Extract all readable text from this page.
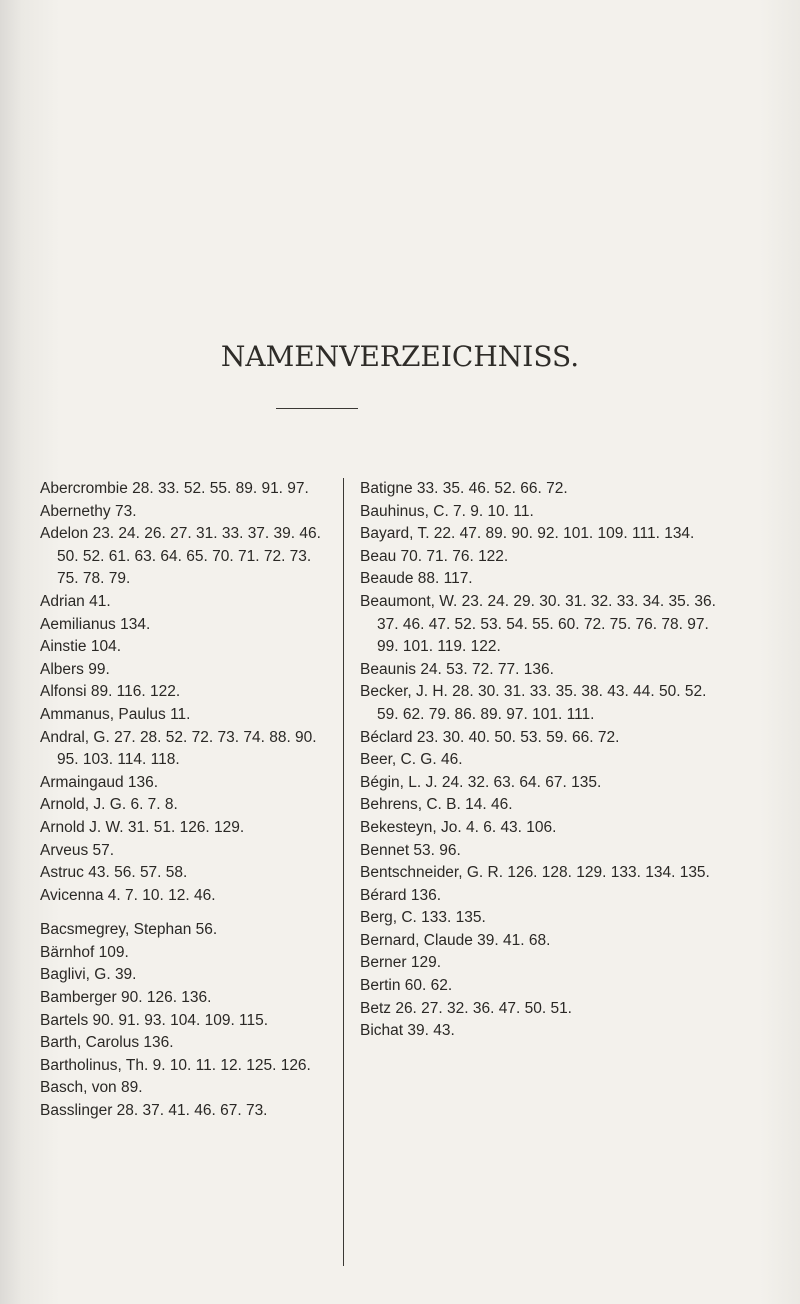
NAMENVERZEICHNISS.
Abercrombie 28. 33. 52. 55. 89. 91. 97.
Abernethy 73.
Adelon 23. 24. 26. 27. 31. 33. 37. 39. 46. 50. 52. 61. 63. 64. 65. 70. 71. 72. 73. 75. 78. 79.
Adrian 41.
Aemilianus 134.
Ainstie 104.
Albers 99.
Alfonsi 89. 116. 122.
Ammanus, Paulus 11.
Andral, G. 27. 28. 52. 72. 73. 74. 88. 90. 95. 103. 114. 118.
Armaingaud 136.
Arnold, J. G. 6. 7. 8.
Arnold J. W. 31. 51. 126. 129.
Arveus 57.
Astruc 43. 56. 57. 58.
Avicenna 4. 7. 10. 12. 46.
Bacsmegrey, Stephan 56.
Bärnhof 109.
Baglivi, G. 39.
Bamberger 90. 126. 136.
Bartels 90. 91. 93. 104. 109. 115.
Barth, Carolus 136.
Bartholinus, Th. 9. 10. 11. 12. 125. 126.
Basch, von 89.
Basslinger 28. 37. 41. 46. 67. 73.
Batigne 33. 35. 46. 52. 66. 72.
Bauhinus, C. 7. 9. 10. 11.
Bayard, T. 22. 47. 89. 90. 92. 101. 109. 111. 134.
Beau 70. 71. 76. 122.
Beaude 88. 117.
Beaumont, W. 23. 24. 29. 30. 31. 32. 33. 34. 35. 36. 37. 46. 47. 52. 53. 54. 55. 60. 72. 75. 76. 78. 97. 99. 101. 119. 122.
Beaunis 24. 53. 72. 77. 136.
Becker, J. H. 28. 30. 31. 33. 35. 38. 43. 44. 50. 52. 59. 62. 79. 86. 89. 97. 101. 111.
Béclard 23. 30. 40. 50. 53. 59. 66. 72.
Beer, C. G. 46.
Bégin, L. J. 24. 32. 63. 64. 67. 135.
Behrens, C. B. 14. 46.
Bekesteyn, Jo. 4. 6. 43. 106.
Bennet 53. 96.
Bentschneider, G. R. 126. 128. 129. 133. 134. 135.
Bérard 136.
Berg, C. 133. 135.
Bernard, Claude 39. 41. 68.
Berner 129.
Bertin 60. 62.
Betz 26. 27. 32. 36. 47. 50. 51.
Bichat 39. 43.
